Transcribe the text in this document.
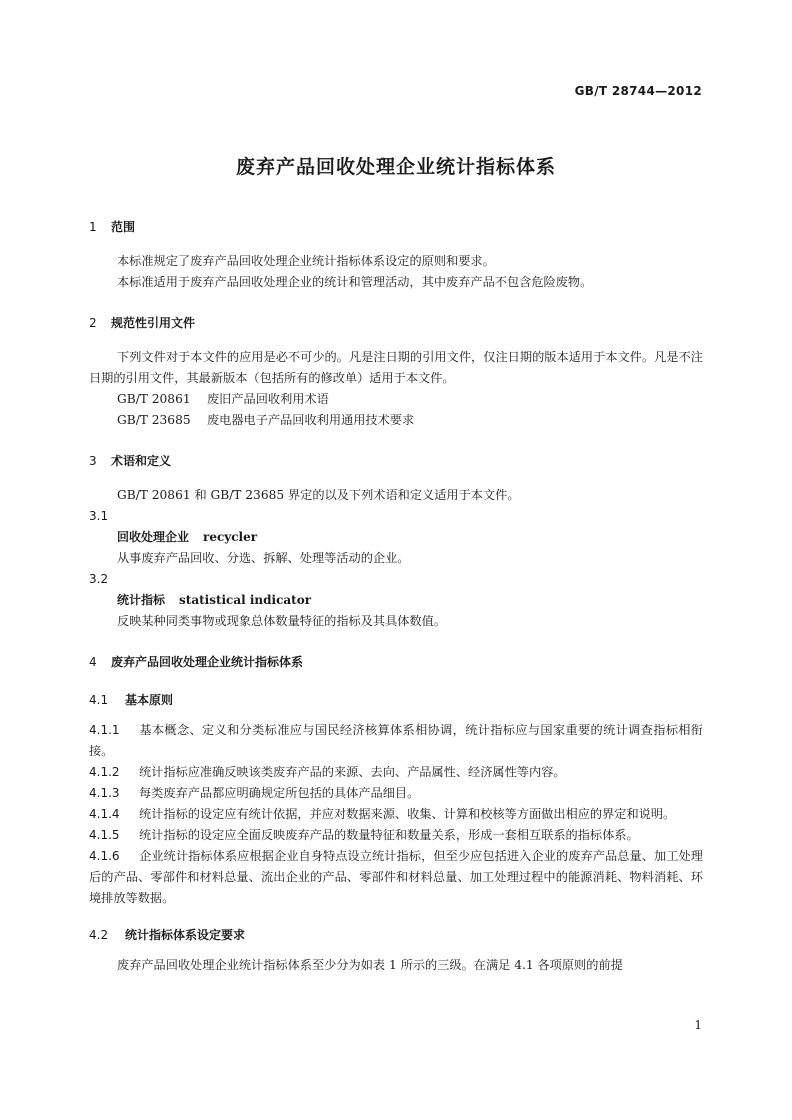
GB/T 28744—2012
废弃产品回收处理企业统计指标体系
1 范围

本标准规定了废弃产品回收处理企业统计指标体系设定的原则和要求。

本标准适用于废弃产品回收处理企业的统计和管理活动，其中废弃产品不包含危险废物。

2 规范性引用文件

下列文件对于本文件的应用是必不可少的。凡是注日期的引用文件，仅注日期的版本适用于本文件。凡是不注日期的引用文件，其最新版本（包括所有的修改单）适用于本文件。

GB/T 20861 废旧产品回收利用术语
GB/T 23685 废电器电子产品回收利用通用技术要求
3 术语和定义

GB/T 20861 和 GB/T 23685 界定的以及下列术语和定义适用于本文件。

3.1
回收处理企业 recycler
从事废弃产品回收、分选、拆解、处理等活动的企业。
3.2
统计指标 statistical indicator
反映某种同类事物或现象总体数量特征的指标及其具体数值。
4 废弃产品回收处理企业统计指标体系
4.1 基本原则

4.1.1 基本概念、定义和分类标准应与国民经济核算体系相协调，统计指标应与国家重要的统计调查指标相衔接。

4.1.2 统计指标应准确反映该类废弃产品的来源、去向、产品属性、经济属性等内容。

4.1.3 每类废弃产品都应明确规定所包括的具体产品细目。

4.1.4 统计指标的设定应有统计依据，并应对数据来源、收集、计算和校核等方面做出相应的界定和说明。

4.1.5 统计指标的设定应全面反映废弃产品的数量特征和数量关系，形成一套相互联系的指标体系。

4.1.6 企业统计指标体系应根据企业自身特点设立统计指标，但至少应包括进入企业的废弃产品总量、加工处理后的产品、零部件和材料总量、流出企业的产品、零部件和材料总量、加工处理过程中的能源消耗、物料消耗、环境排放等数据。

4.2 统计指标体系设定要求

废弃产品回收处理企业统计指标体系至少分为如表 1 所示的三级。在满足 4.1 各项原则的前提

1
